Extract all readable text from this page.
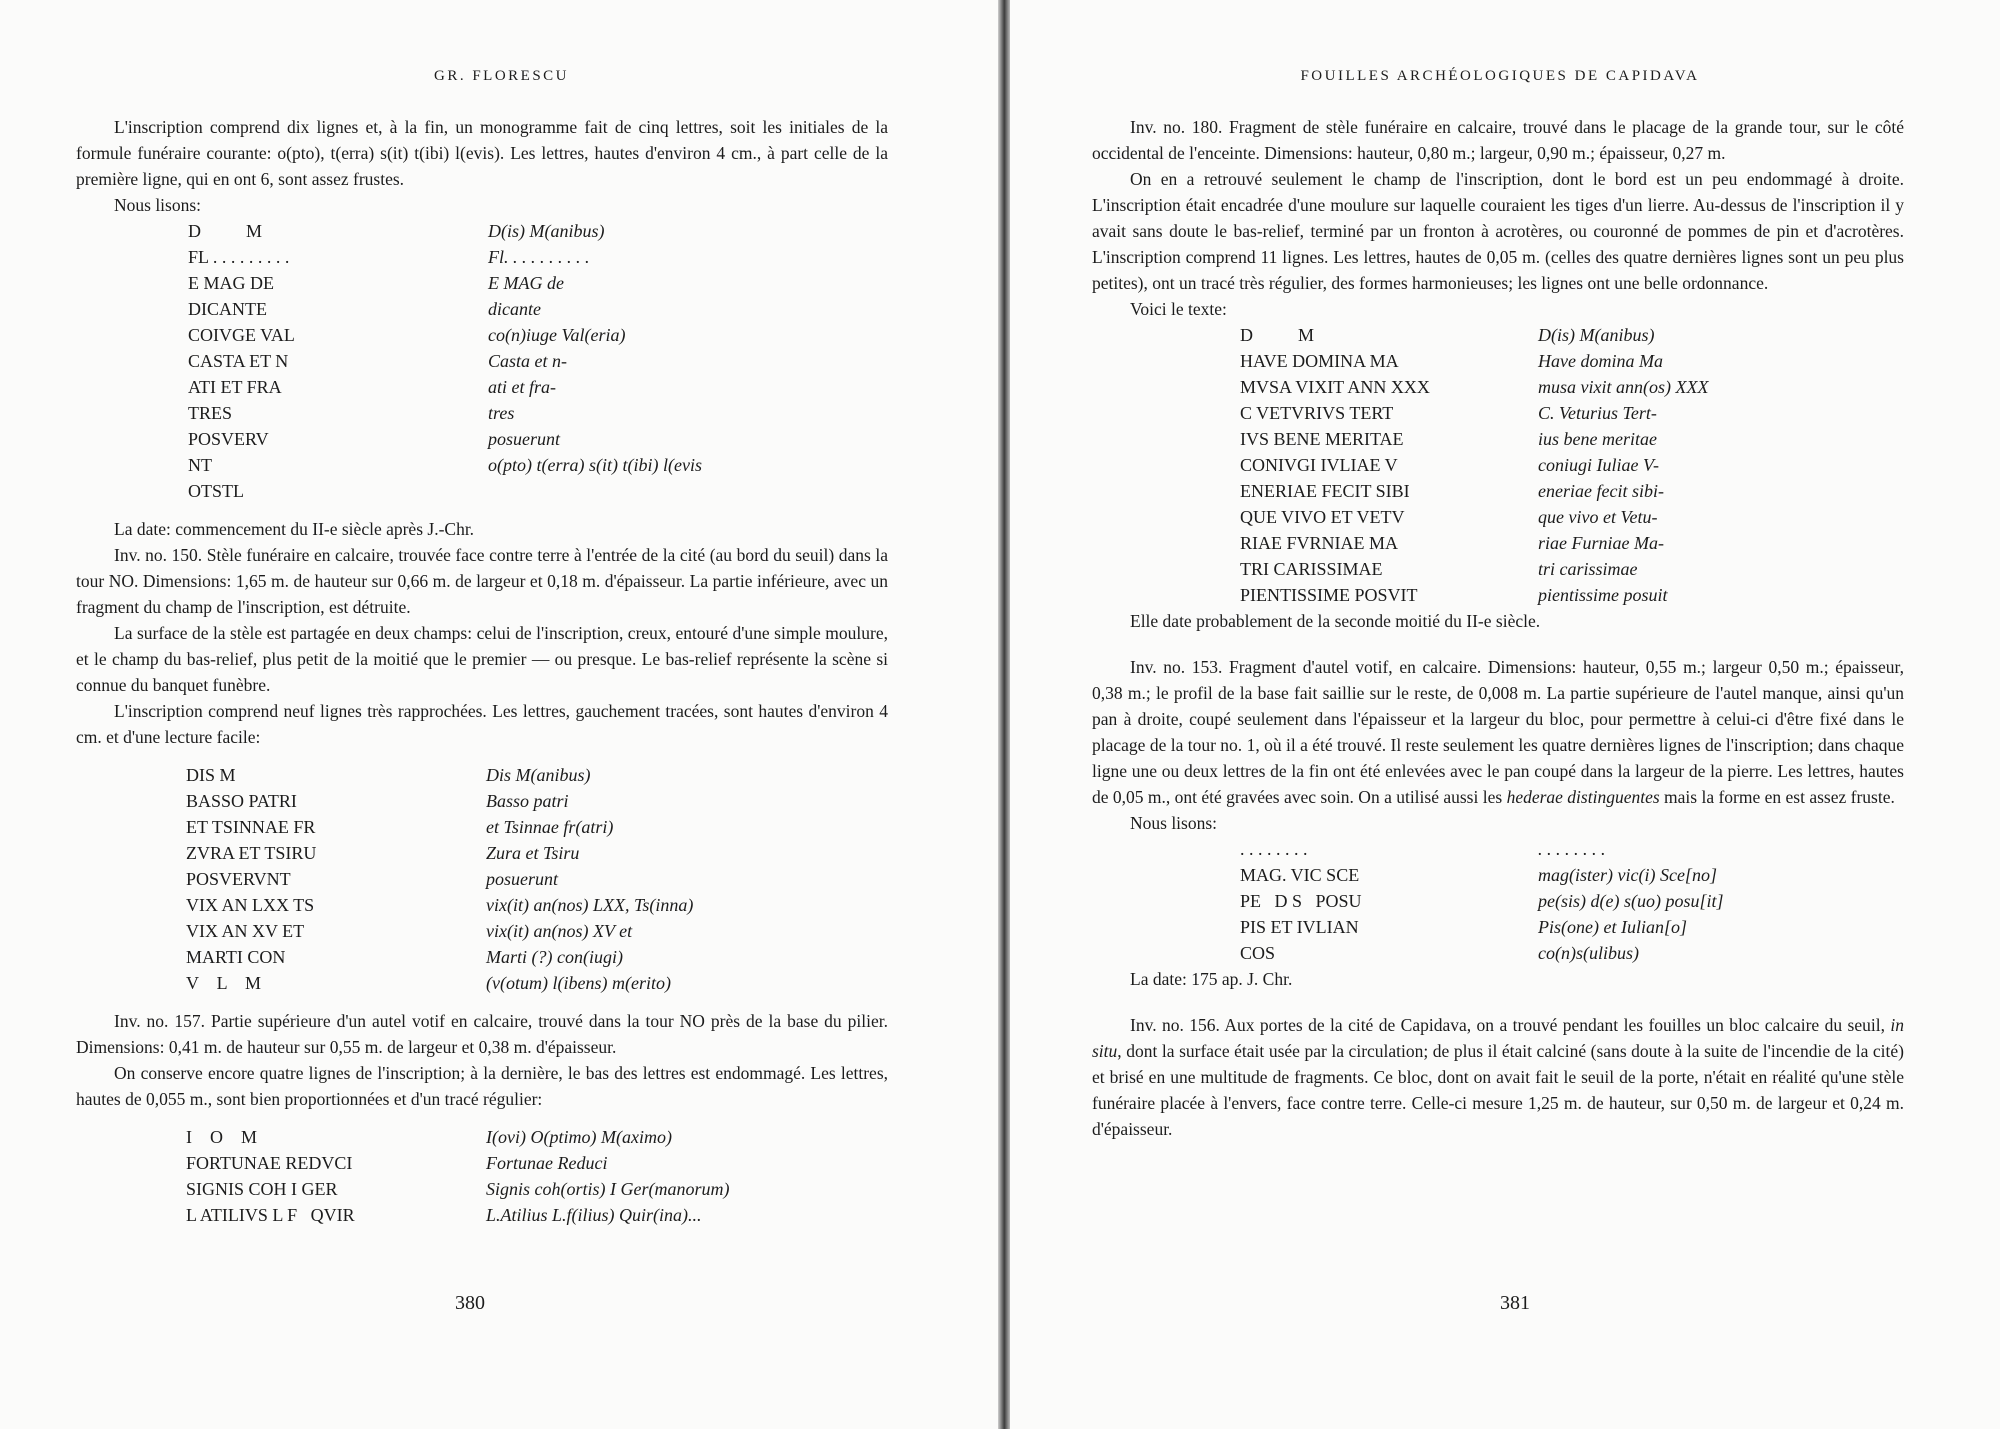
GR. FLORESCU

L'inscription comprend dix lignes et, à la fin, un monogramme fait de cinq lettres, soit les initiales de la formule funéraire courante: o(pto), t(erra) s(it) t(ibi) l(evis). Les lettres, hautes d'environ 4 cm., à part celle de la première ligne, qui en ont 6, sont assez frustes.

Nous lisons:

D          M	D(is) M(anibus)
FL . . . . . . . . .	Fl. . . . . . . . . .
E MAG DE	E MAG de
DICANTE	dicante
COIVGE VAL	co(n)iuge Val(eria)
CASTA ET N	Casta et n-
ATI ET FRA	ati et fra-
TRES	tres
POSVERV	posuerunt
NT	o(pto) t(erra) s(it) t(ibi) l(evis
OTSTL	

La date: commencement du II-e siècle après J.-Chr.

Inv. no. 150. Stèle funéraire en calcaire, trouvée face contre terre à l'entrée de la cité (au bord du seuil) dans la tour NO. Dimensions: 1,65 m. de hauteur sur 0,66 m. de largeur et 0,18 m. d'épaisseur. La partie inférieure, avec un fragment du champ de l'inscription, est détruite.

La surface de la stèle est partagée en deux champs: celui de l'inscription, creux, entouré d'une simple moulure, et le champ du bas-relief, plus petit de la moitié que le premier — ou presque. Le bas-relief représente la scène si connue du banquet funèbre.

L'inscription comprend neuf lignes très rapprochées. Les lettres, gauchement tracées, sont hautes d'environ 4 cm. et d'une lecture facile:

DIS M	Dis M(anibus)
BASSO PATRI	Basso patri
ET TSINNAE FR	et Tsinnae fr(atri)
ZVRA ET TSIRU	Zura et Tsiru
POSVERVNT	posuerunt
VIX AN LXX TS	vix(it) an(nos) LXX, Ts(inna)
VIX AN XV ET	vix(it) an(nos) XV et
MARTI CON	Marti (?) con(iugi)
V    L    M	(v(otum) l(ibens) m(erito)

Inv. no. 157. Partie supérieure d'un autel votif en calcaire, trouvé dans la tour NO près de la base du pilier. Dimensions: 0,41 m. de hauteur sur 0,55 m. de largeur et 0,38 m. d'épaisseur.

On conserve encore quatre lignes de l'inscription; à la dernière, le bas des lettres est endommagé. Les lettres, hautes de 0,055 m., sont bien proportionnées et d'un tracé régulier:

I    O    M	I(ovi) O(ptimo) M(aximo)
FORTUNAE REDVCI	Fortunae Reduci
SIGNIS COH I GER	Signis coh(ortis) I Ger(manorum)
L ATILIVS L F   QVIR	L.Atilius L.f(ilius) Quir(ina)...
380
FOUILLES ARCHÉOLOGIQUES DE CAPIDAVA

Inv. no. 180. Fragment de stèle funéraire en calcaire, trouvé dans le placage de la grande tour, sur le côté occidental de l'enceinte. Dimensions: hauteur, 0,80 m.; largeur, 0,90 m.; épaisseur, 0,27 m.

On en a retrouvé seulement le champ de l'inscription, dont le bord est un peu endommagé à droite. L'inscription était encadrée d'une moulure sur laquelle couraient les tiges d'un lierre. Au-dessus de l'inscription il y avait sans doute le bas-relief, terminé par un fronton à acrotères, ou couronné de pommes de pin et d'acrotères. L'inscription comprend 11 lignes. Les lettres, hautes de 0,05 m. (celles des quatre dernières lignes sont un peu plus petites), ont un tracé très régulier, des formes harmonieuses; les lignes ont une belle ordonnance.

Voici le texte:

D          M	D(is) M(anibus)
HAVE DOMINA MA	Have domina Ma
MVSA VIXIT ANN XXX	musa vixit ann(os) XXX
C VETVRIVS TERT	C. Veturius Tert-
IVS BENE MERITAE	ius bene meritae
CONIVGI IVLIAE V	coniugi Iuliae V-
ENERIAE FECIT SIBI	eneriae fecit sibi-
QUE VIVO ET VETV	que vivo et Vetu-
RIAE FVRNIAE MA	riae Furniae Ma-
TRI CARISSIMAE	tri carissimae
PIENTISSIME POSVIT	pientissime posuit

Elle date probablement de la seconde moitié du II-e siècle.

Inv. no. 153. Fragment d'autel votif, en calcaire. Dimensions: hauteur, 0,55 m.; largeur 0,50 m.; épaisseur, 0,38 m.; le profil de la base fait saillie sur le reste, de 0,008 m. La partie supérieure de l'autel manque, ainsi qu'un pan à droite, coupé seulement dans l'épaisseur et la largeur du bloc, pour permettre à celui-ci d'être fixé dans le placage de la tour no. 1, où il a été trouvé. Il reste seulement les quatre dernières lignes de l'inscription; dans chaque ligne une ou deux lettres de la fin ont été enlevées avec le pan coupé dans la largeur de la pierre. Les lettres, hautes de 0,05 m., ont été gravées avec soin. On a utilisé aussi les hederae distinguentes mais la forme en est assez fruste.

Nous lisons:

. . . . . . . .	. . . . . . . .
MAG. VIC SCE	mag(ister) vic(i) Sce[no]
PE   D S   POSU	pe(sis) d(e) s(uo) posu[it]
PIS ET IVLIAN	Pis(one) et Iulian[o]
COS	co(n)s(ulibus)

La date: 175 ap. J. Chr.

Inv. no. 156. Aux portes de la cité de Capidava, on a trouvé pendant les fouilles un bloc calcaire du seuil, in situ, dont la surface était usée par la circulation; de plus il était calciné (sans doute à la suite de l'incendie de la cité) et brisé en une multitude de fragments. Ce bloc, dont on avait fait le seuil de la porte, n'était en réalité qu'une stèle funéraire placée à l'envers, face contre terre. Celle-ci mesure 1,25 m. de hauteur, sur 0,50 m. de largeur et 0,24 m. d'épaisseur.

381
